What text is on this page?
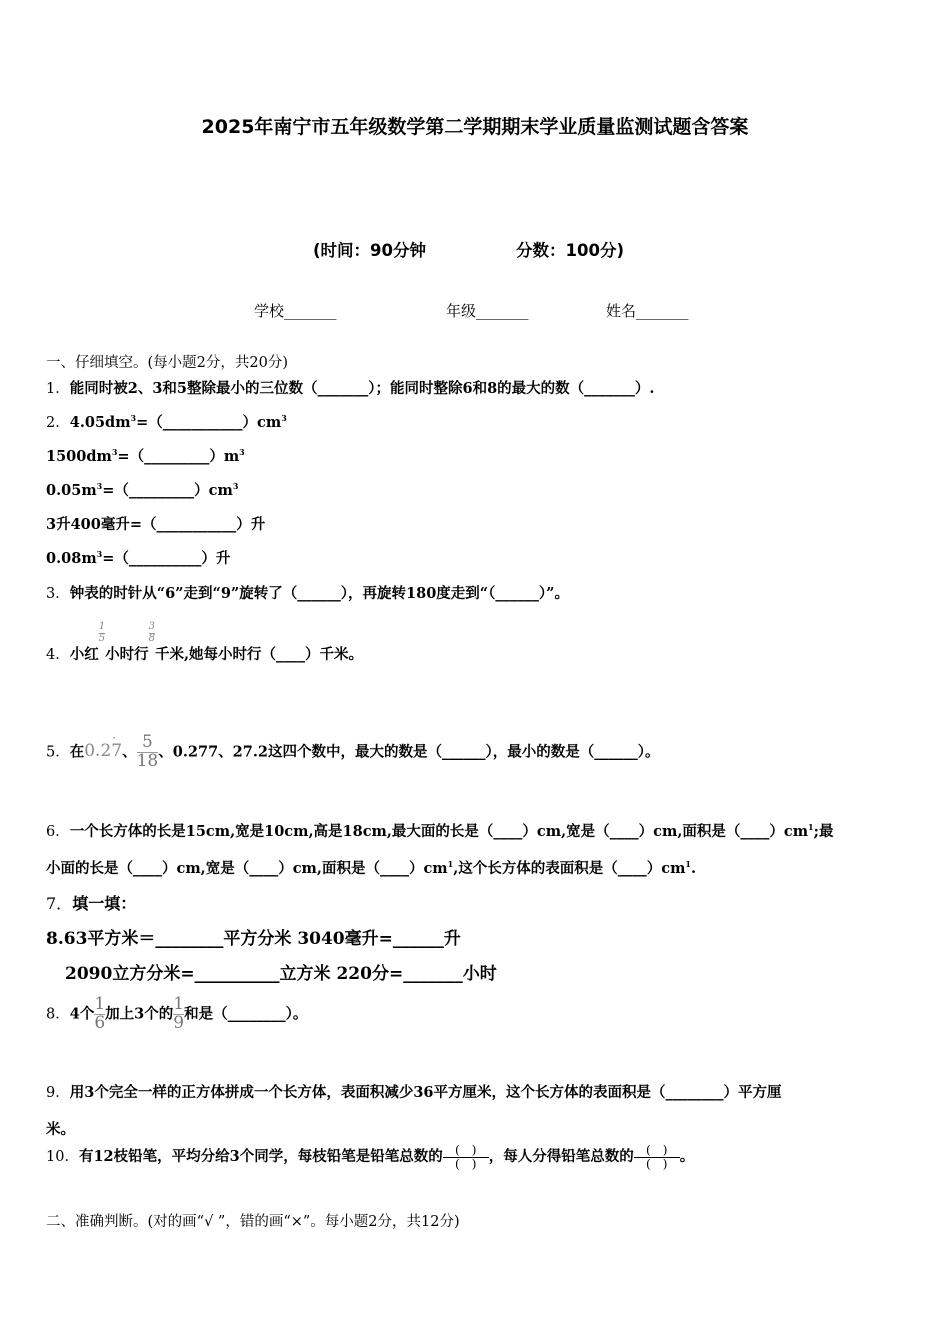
2025年南宁市五年级数学第二学期期末学业质量监测试题含答案
(时间：90分钟	分数：100分)
学校_______	年级_______	姓名_______
一、仔细填空。(每小题2分，共20分)
1．能同时被2、3和5整除最小的三位数（_______）；能同时整除6和8的最大的数（_______）.
2．$4.05dm^3=(\_\_\_\_\_\_\_\_\_\_\_)cm^3$
$1500dm^3=(\_\_\_\_\_\_\_\_\_)m^3$
$0.05m^3=(\_\_\_\_\_\_\_\_\_)cm^3$
3升400毫升=（___________）升
$0.08m^3=(\_\_\_\_\_\_\_\_\_\_)$升
3．钟表的时针从“6”走到“9”旋转了（______），再旋转180度走到“（______）”。
4．小红
$\frac{1}{5}$
小时行
$\frac{3}{8}$
千米,她每小时行（____）千米。
5．在0.2
·
7、 $\frac{5}{18}$ 、0.277、27.2这四个数中，最大的数是（______），最小的数是（______）。
6．一个长方体的长是15cm,宽是10cm,高是18cm,最大面的长是（____）cm,宽是（____）cm,面积是$(\_\_\_\_)cm^1$;最
小面的长是（____）cm,宽是（____）cm,面积是$(\_\_\_\_)cm^1$,这个长方体的表面积是$(\_\_\_\_)cm^1$.
7．填一填：
8.63平方米＝________平方分米 3040毫升=______升
2090立方分米=__________立方米 220分=_______小时
8．4个 $\frac{1}{6}$ 加上3个的 $\frac{1}{9}$ 和是（________）。
9．用3个完全一样的正方体拼成一个长方体，表面积减少36平方厘米，这个长方体的表面积是（________）平方厘
米。
10．有12枝铅笔，平均分给3个同学，每枝铅笔是铅笔总数的 $\frac{( )}{( )}$ ，每人分得铅笔总数的 $\frac{( )}{( )}$ 。
二、准确判断。(对的画“√ ”，错的画“×”。每小题2分，共12分)
